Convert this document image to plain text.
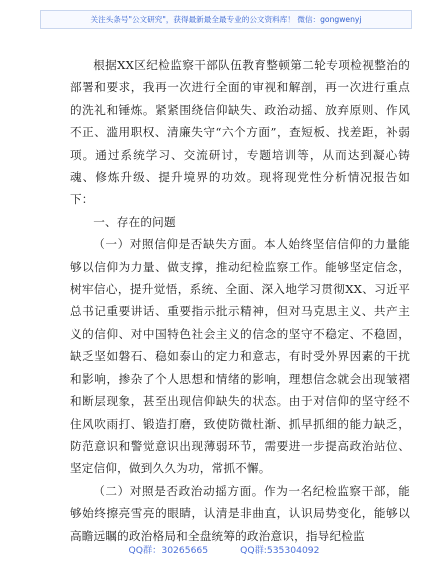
关注头条号"公文研究"，获得最新最全最专业的公文资料库！ 微信：gongwenyj

根据XX区纪检监察干部队伍教育整顿第二轮专项检视整治的部署和要求，我再一次进行全面的审视和解剖，再一次进行重点的洗礼和锤炼。紧紧围绕信仰缺失、政治动摇、放弃原则、作风不正、滥用职权、清廉失守“六个方面”，查短板、找差距，补弱项。通过系统学习、交流研讨，专题培训等，从而达到凝心铸魂、修炼升级、提升境界的功效。现将现党性分析情况报告如下：

一、存在的问题

（一）对照信仰是否缺失方面。本人始终坚信信仰的力量能够以信仰为力量、做支撑，推动纪检监察工作。能够坚定信念，树牢信心，提升觉悟，系统、全面、深入地学习贯彻XX、习近平总书记重要讲话、重要指示批示精神，但对马克思主义、共产主义的信仰、对中国特色社会主义的信念的坚守不稳定、不稳固，缺乏坚如磐石、稳如泰山的定力和意志，有时受外界因素的干扰和影响，掺杂了个人思想和情绪的影响，理想信念就会出现皱褶和断层现象，甚至出现信仰缺失的状态。由于对信仰的坚守经不住风吹雨打、锻造打磨，致使防微杜渐、抓早抓细的能力缺乏，防范意识和警觉意识出现薄弱环节，需要进一步提高政治站位、坚定信仰，做到久久为功，常抓不懈。

（二）对照是否政治动摇方面。作为一名纪检监察干部，能够始终擦亮雪亮的眼睛，认清是非曲直，认识局势变化，能够以高瞻远瞩的政治格局和全盘统筹的政治意识，指导纪检监

QQ群：30265665	QQ群:535304092
